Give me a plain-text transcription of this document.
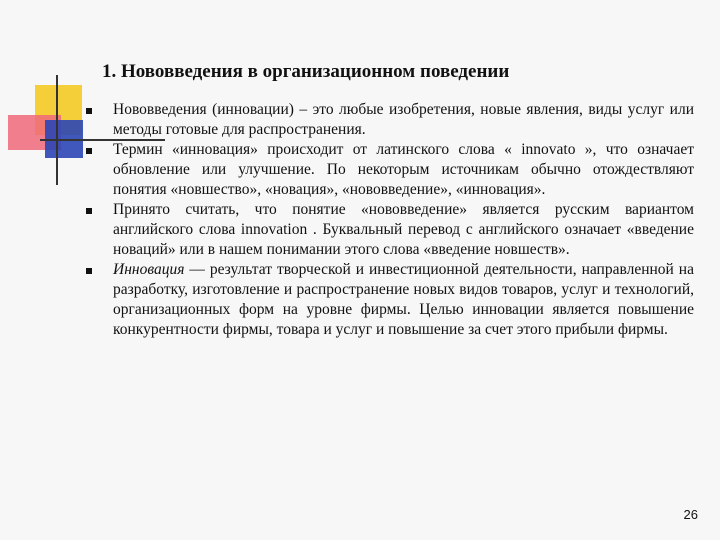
1. Нововведения в организационном поведении
Нововведения (инновации) – это любые изобретения, новые явления, виды услуг или методы готовые для распространения.
Термин «инновация» происходит от латинского слова « innovato », что означает обновление или улучшение. По некоторым источникам обычно отождествляют понятия «новшество», «новация», «нововведение», «инновация».
Принято считать, что понятие «нововведение» является русским вариантом английского слова innovation . Буквальный перевод с английского означает «введение новаций» или в нашем понимании этого слова «введение новшеств».
Инновация — результат творческой и инвестиционной деятельности, направленной на разработку, изготовление и распространение новых видов товаров, услуг и технологий, организационных форм на уровне фирмы. Целью инновации является повышение конкурентности фирмы, товара и услуг и повышение за счет этого прибыли фирмы.
26
